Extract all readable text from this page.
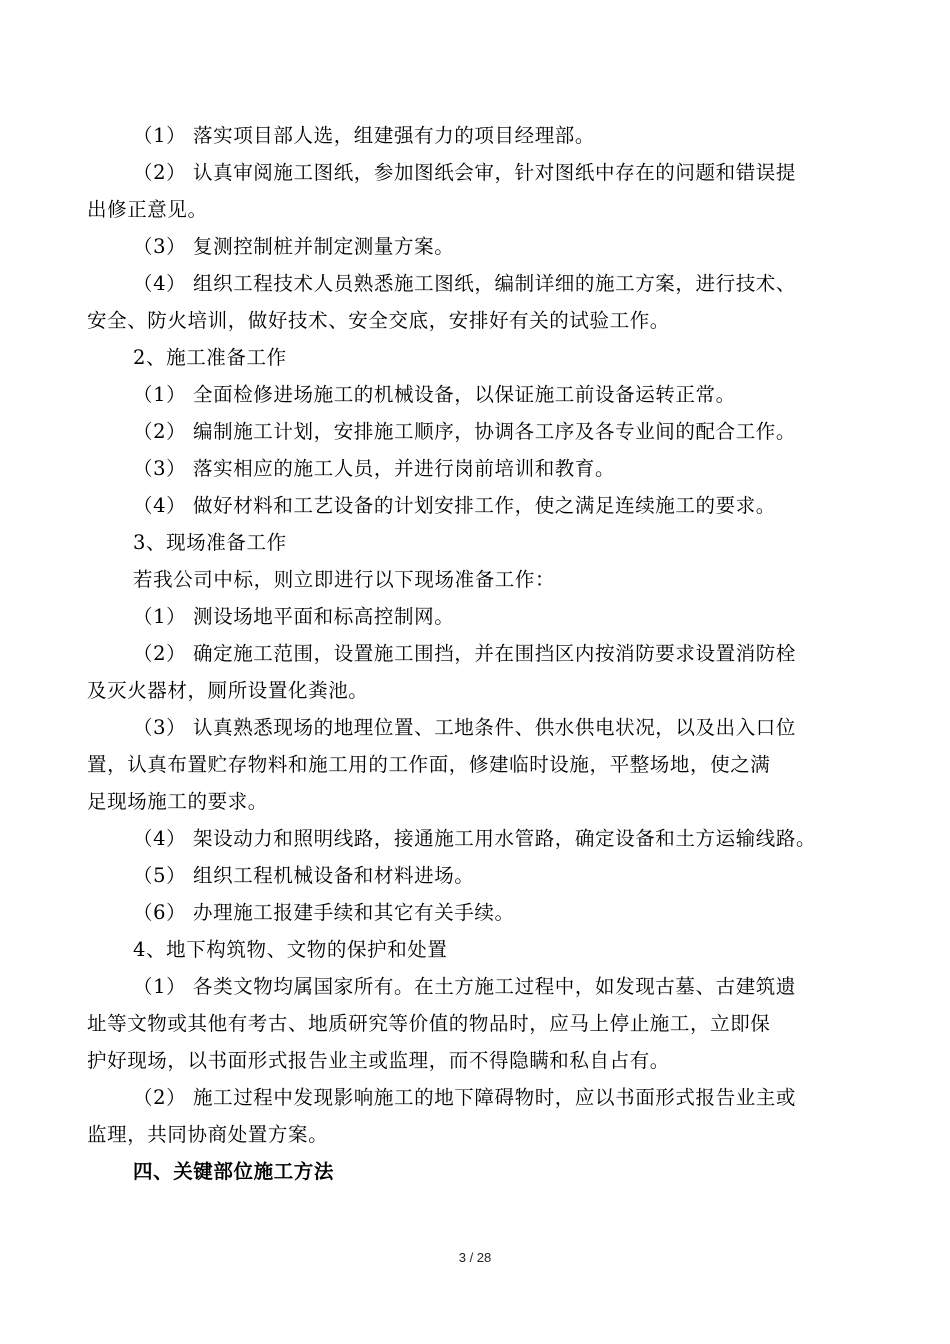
（1） 落实项目部人选，组建强有力的项目经理部。
（2） 认真审阅施工图纸，参加图纸会审，针对图纸中存在的问题和错误提
出修正意见。
（3） 复测控制桩并制定测量方案。
（4） 组织工程技术人员熟悉施工图纸，编制详细的施工方案，进行技术、
安全、防火培训，做好技术、安全交底，安排好有关的试验工作。
2、施工准备工作
（1） 全面检修进场施工的机械设备，以保证施工前设备运转正常。
（2） 编制施工计划，安排施工顺序，协调各工序及各专业间的配合工作。
（3） 落实相应的施工人员，并进行岗前培训和教育。
（4） 做好材料和工艺设备的计划安排工作，使之满足连续施工的要求。
3、现场准备工作
若我公司中标，则立即进行以下现场准备工作：
（1） 测设场地平面和标高控制网。
（2） 确定施工范围，设置施工围挡，并在围挡区内按消防要求设置消防栓
及灭火器材，厕所设置化粪池。
（3） 认真熟悉现场的地理位置、工地条件、供水供电状况，以及出入口位
置，认真布置贮存物料和施工用的工作面，修建临时设施，平整场地，使之满
足现场施工的要求。
（4） 架设动力和照明线路，接通施工用水管路，确定设备和土方运输线路。
（5） 组织工程机械设备和材料进场。
（6） 办理施工报建手续和其它有关手续。
4、地下构筑物、文物的保护和处置
（1） 各类文物均属国家所有。在土方施工过程中，如发现古墓、古建筑遗
址等文物或其他有考古、地质研究等价值的物品时，应马上停止施工，立即保
护好现场，以书面形式报告业主或监理，而不得隐瞒和私自占有。
（2） 施工过程中发现影响施工的地下障碍物时，应以书面形式报告业主或
监理，共同协商处置方案。
四、关键部位施工方法
3 / 28
